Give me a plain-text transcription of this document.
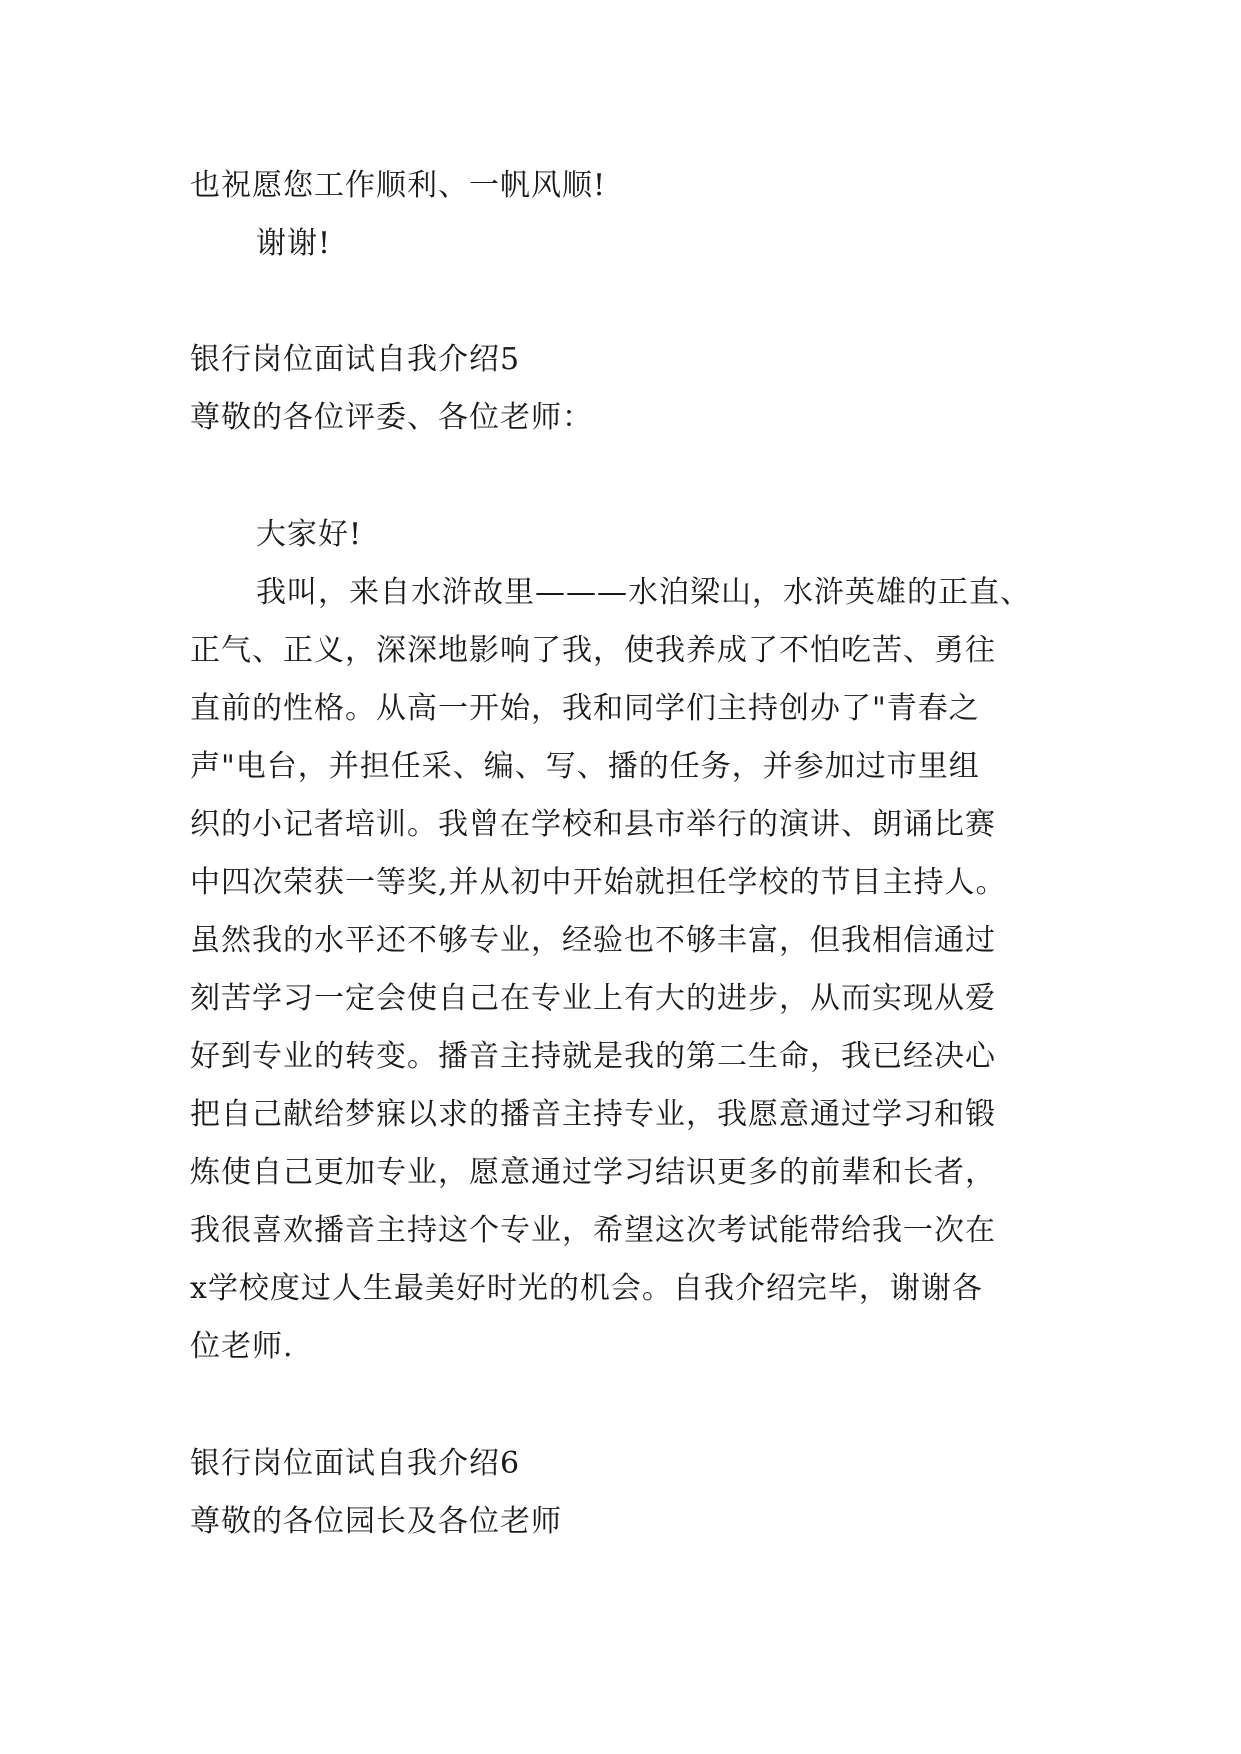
也祝愿您工作顺利、一帆风顺!
谢谢!
银行岗位面试自我介绍5
尊敬的各位评委、各位老师：
大家好!
我叫，来自水浒故里———水泊梁山，水浒英雄的正直、
正气、正义，深深地影响了我，使我养成了不怕吃苦、勇往
直前的性格。从高一开始，我和同学们主持创办了"青春之
声"电台，并担任采、编、写、播的任务，并参加过市里组
织的小记者培训。我曾在学校和县市举行的演讲、朗诵比赛
中四次荣获一等奖,并从初中开始就担任学校的节目主持人。
虽然我的水平还不够专业，经验也不够丰富，但我相信通过
刻苦学习一定会使自己在专业上有大的进步，从而实现从爱
好到专业的转变。播音主持就是我的第二生命，我已经决心
把自己献给梦寐以求的播音主持专业，我愿意通过学习和锻
炼使自己更加专业，愿意通过学习结识更多的前辈和长者，
我很喜欢播音主持这个专业，希望这次考试能带给我一次在
x学校度过人生最美好时光的机会。自我介绍完毕，谢谢各
位老师.
银行岗位面试自我介绍6
尊敬的各位园长及各位老师
